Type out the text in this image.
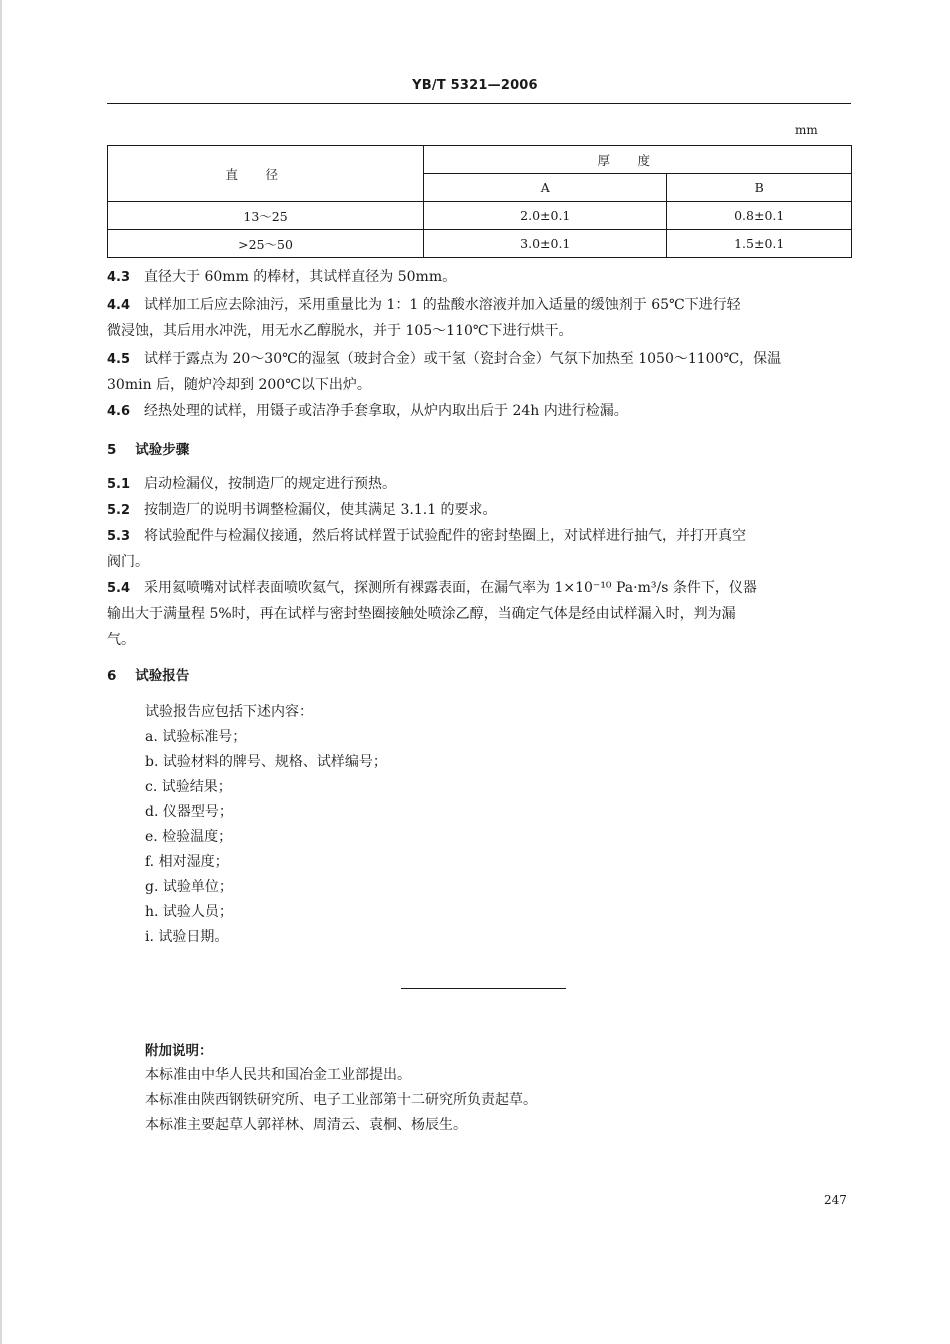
YB/T 5321—2006
mm
直径	厚度	
	A	B
13～25	2.0±0.1	0.8±0.1
>25～50	3.0±0.1	1.5±0.1
4.3 直径大于 60mm 的棒材，其试样直径为 50mm。
4.4 试样加工后应去除油污，采用重量比为 1：1 的盐酸水溶液并加入适量的缓蚀剂于 65℃下进行轻
微浸蚀，其后用水冲洗，用无水乙醇脱水，并于 105～110℃下进行烘干。
4.5 试样于露点为 20～30℃的湿氢（玻封合金）或干氢（瓷封合金）气氛下加热至 1050～1100℃，保温
30min 后，随炉冷却到 200℃以下出炉。
4.6 经热处理的试样，用镊子或洁净手套拿取，从炉内取出后于 24h 内进行检漏。
5 试验步骤
5.1 启动检漏仪，按制造厂的规定进行预热。
5.2 按制造厂的说明书调整检漏仪，使其满足 3.1.1 的要求。
5.3 将试验配件与检漏仪接通，然后将试样置于试验配件的密封垫圈上，对试样进行抽气，并打开真空
阀门。
5.4 采用氦喷嘴对试样表面喷吹氦气，探测所有裸露表面，在漏气率为 1×10⁻¹⁰ Pa·m³/s 条件下，仪器
输出大于满量程 5%时，再在试样与密封垫圈接触处喷涂乙醇，当确定气体是经由试样漏入时，判为漏
气。
6 试验报告
试验报告应包括下述内容：
a. 试验标准号；
b. 试验材料的牌号、规格、试样编号；
c. 试验结果；
d. 仪器型号；
e. 检验温度；
f. 相对湿度；
g. 试验单位；
h. 试验人员；
i. 试验日期。
附加说明：
本标准由中华人民共和国冶金工业部提出。
本标准由陕西钢铁研究所、电子工业部第十二研究所负责起草。
本标准主要起草人郭祥林、周清云、袁桐、杨辰生。
247
